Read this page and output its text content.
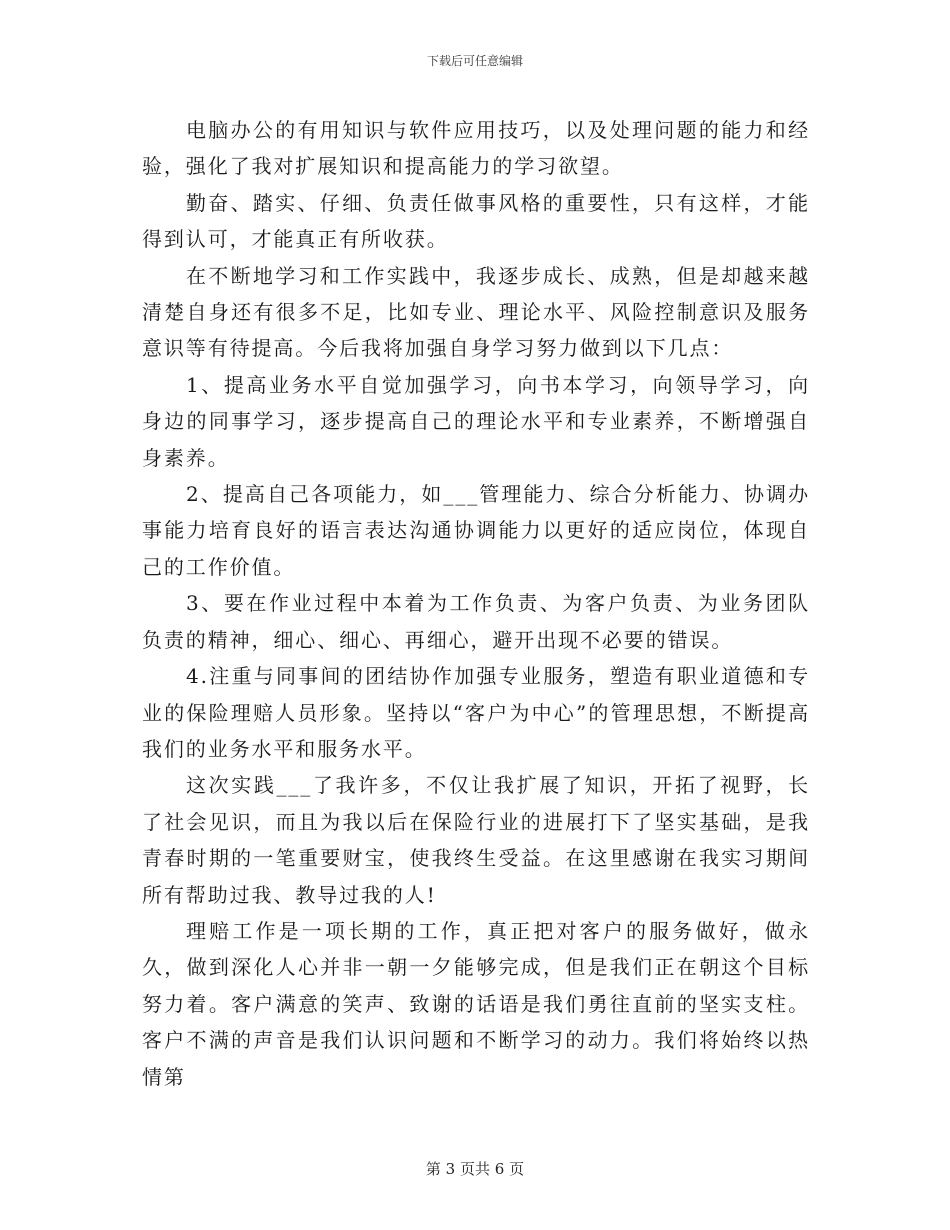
下载后可任意编辑

电脑办公的有用知识与软件应用技巧，以及处理问题的能力和经验，强化了我对扩展知识和提高能力的学习欲望。

勤奋、踏实、仔细、负责任做事风格的重要性，只有这样，才能得到认可，才能真正有所收获。

在不断地学习和工作实践中，我逐步成长、成熟，但是却越来越清楚自身还有很多不足，比如专业、理论水平、风险控制意识及服务意识等有待提高。今后我将加强自身学习努力做到以下几点：

1、提高业务水平自觉加强学习，向书本学习，向领导学习，向身边的同事学习，逐步提高自己的理论水平和专业素养，不断增强自身素养。

2、提高自己各项能力，如___管理能力、综合分析能力、协调办事能力培育良好的语言表达沟通协调能力以更好的适应岗位，体现自己的工作价值。

3、要在作业过程中本着为工作负责、为客户负责、为业务团队负责的精神，细心、细心、再细心，避开出现不必要的错误。

4.注重与同事间的团结协作加强专业服务，塑造有职业道德和专业的保险理赔人员形象。坚持以“客户为中心”的管理思想，不断提高我们的业务水平和服务水平。

这次实践___了我许多，不仅让我扩展了知识，开拓了视野，长了社会见识，而且为我以后在保险行业的进展打下了坚实基础，是我青春时期的一笔重要财宝，使我终生受益。在这里感谢在我实习期间所有帮助过我、教导过我的人!

理赔工作是一项长期的工作，真正把对客户的服务做好，做永久，做到深化人心并非一朝一夕能够完成，但是我们正在朝这个目标努力着。客户满意的笑声、致谢的话语是我们勇往直前的坚实支柱。客户不满的声音是我们认识问题和不断学习的动力。我们将始终以热情第

第 3 页共 6 页
